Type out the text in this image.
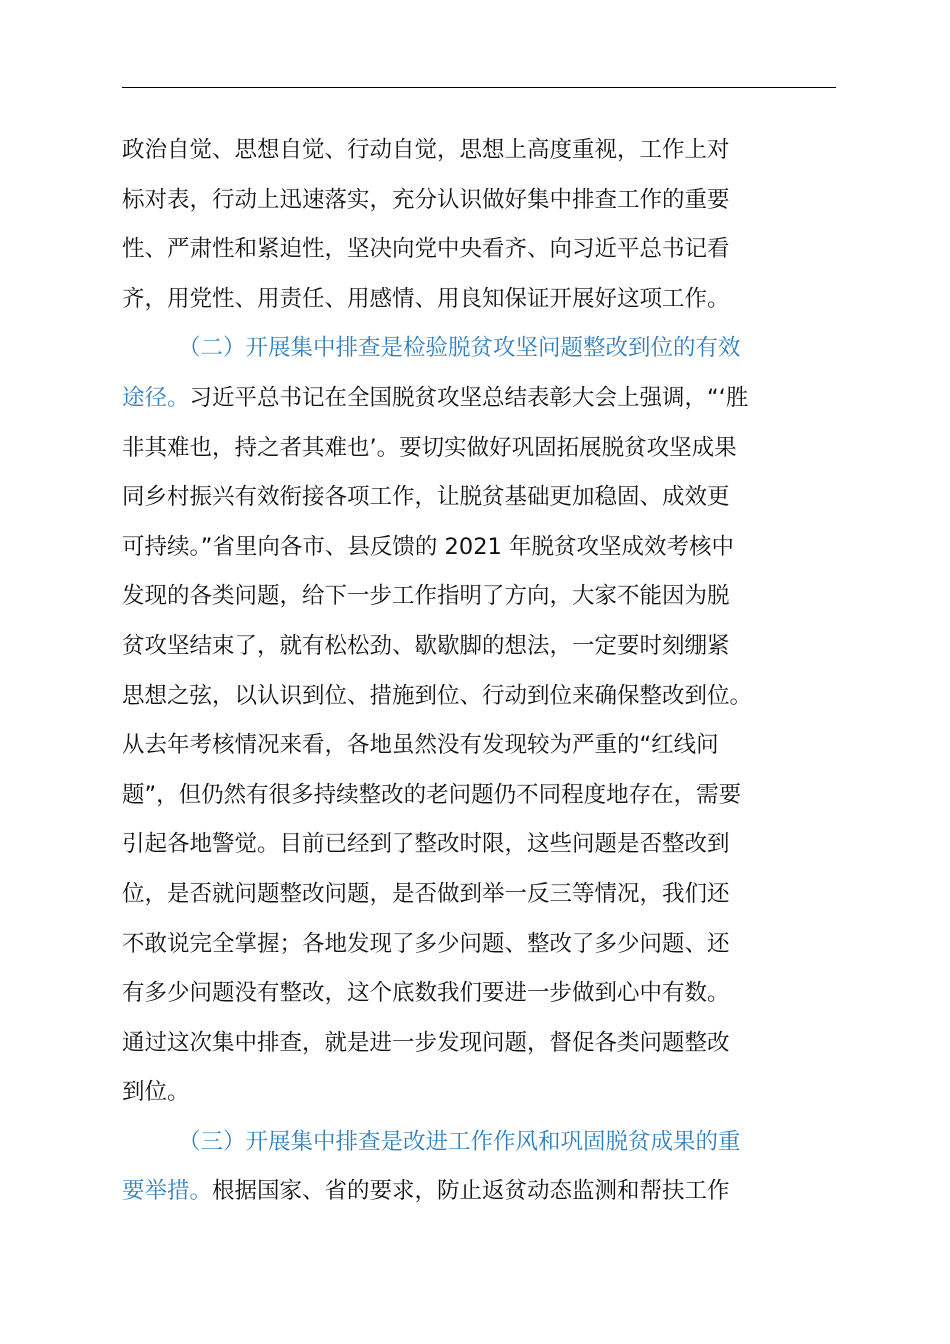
政治自觉、思想自觉、行动自觉，思想上高度重视，工作上对
标对表，行动上迅速落实，充分认识做好集中排查工作的重要
性、严肃性和紧迫性，坚决向党中央看齐、向习近平总书记看
齐，用党性、用责任、用感情、用良知保证开展好这项工作。
（二）开展集中排查是检验脱贫攻坚问题整改到位的有效
途径。习近平总书记在全国脱贫攻坚总结表彰大会上强调，“‘胜
非其难也，持之者其难也’。要切实做好巩固拓展脱贫攻坚成果
同乡村振兴有效衔接各项工作，让脱贫基础更加稳固、成效更
可持续。”省里向各市、县反馈的 2021 年脱贫攻坚成效考核中
发现的各类问题，给下一步工作指明了方向，大家不能因为脱
贫攻坚结束了，就有松松劲、歇歇脚的想法，一定要时刻绷紧
思想之弦，以认识到位、措施到位、行动到位来确保整改到位。
从去年考核情况来看，各地虽然没有发现较为严重的“红线问
题”，但仍然有很多持续整改的老问题仍不同程度地存在，需要
引起各地警觉。目前已经到了整改时限，这些问题是否整改到
位，是否就问题整改问题，是否做到举一反三等情况，我们还
不敢说完全掌握；各地发现了多少问题、整改了多少问题、还
有多少问题没有整改，这个底数我们要进一步做到心中有数。
通过这次集中排查，就是进一步发现问题，督促各类问题整改
到位。
（三）开展集中排查是改进工作作风和巩固脱贫成果的重
要举措。根据国家、省的要求，防止返贫动态监测和帮扶工作
